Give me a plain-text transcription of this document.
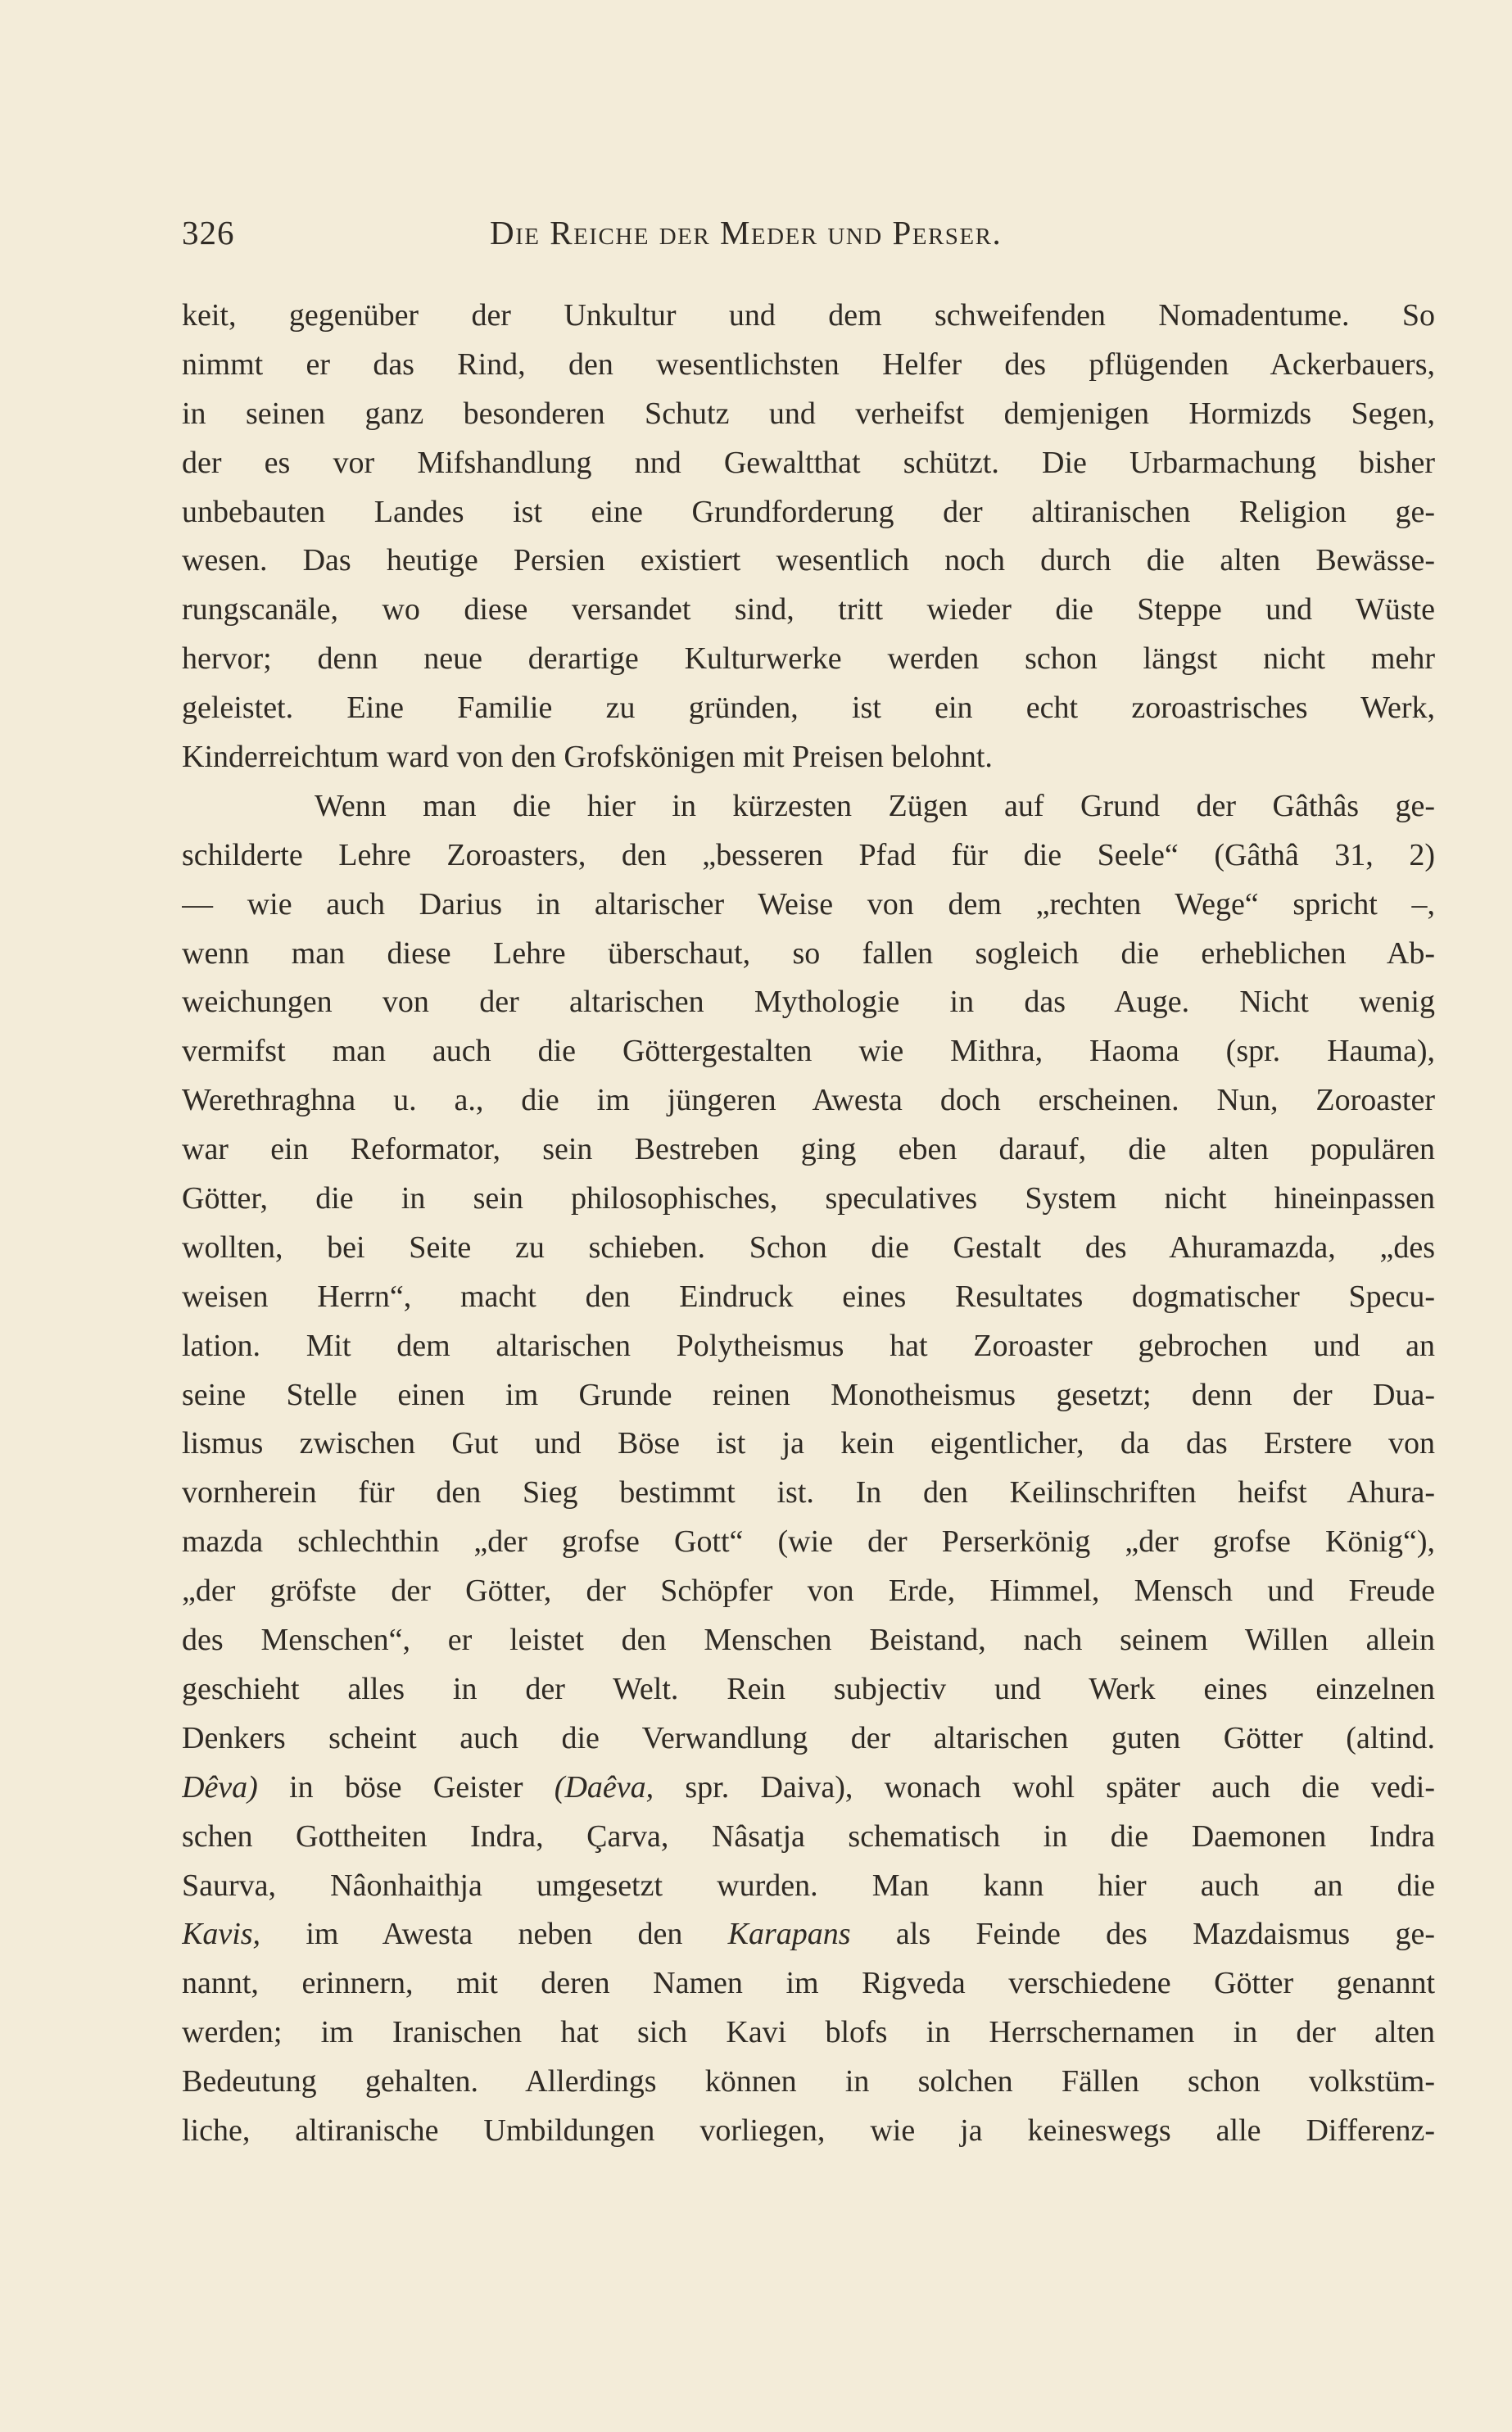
326	Die Reiche der Meder und Perser.
keit, gegenüber der Unkultur und dem schweifenden Nomadentume. So
nimmt er das Rind, den wesentlichsten Helfer des pflügenden Ackerbauers,
in seinen ganz besonderen Schutz und verheifst demjenigen Hormizds Segen,
der es vor Mifshandlung nnd Gewaltthat schützt. Die Urbarmachung bisher
unbebauten Landes ist eine Grundforderung der altiranischen Religion ge-
wesen. Das heutige Persien existiert wesentlich noch durch die alten Bewässe-
rungscanäle, wo diese versandet sind, tritt wieder die Steppe und Wüste
hervor; denn neue derartige Kulturwerke werden schon längst nicht mehr
geleistet. Eine Familie zu gründen, ist ein echt zoroastrisches Werk,
Kinderreichtum ward von den Grofskönigen mit Preisen belohnt.
Wenn man die hier in kürzesten Zügen auf Grund der Gâthâs ge-
schilderte Lehre Zoroasters, den „besseren Pfad für die Seele“ (Gâthâ 31, 2)
— wie auch Darius in altarischer Weise von dem „rechten Wege“ spricht –,
wenn man diese Lehre überschaut, so fallen sogleich die erheblichen Ab-
weichungen von der altarischen Mythologie in das Auge. Nicht wenig
vermifst man auch die Göttergestalten wie Mithra, Haoma (spr. Hauma),
Werethraghna u. a., die im jüngeren Awesta doch erscheinen. Nun, Zoroaster
war ein Reformator, sein Bestreben ging eben darauf, die alten populären
Götter, die in sein philosophisches, speculatives System nicht hineinpassen
wollten, bei Seite zu schieben. Schon die Gestalt des Ahuramazda, „des
weisen Herrn“, macht den Eindruck eines Resultates dogmatischer Specu-
lation. Mit dem altarischen Polytheismus hat Zoroaster gebrochen und an
seine Stelle einen im Grunde reinen Monotheismus gesetzt; denn der Dua-
lismus zwischen Gut und Böse ist ja kein eigentlicher, da das Erstere von
vornherein für den Sieg bestimmt ist. In den Keilinschriften heifst Ahura-
mazda schlechthin „der grofse Gott“ (wie der Perserkönig „der grofse König“),
„der gröfste der Götter, der Schöpfer von Erde, Himmel, Mensch und Freude
des Menschen“, er leistet den Menschen Beistand, nach seinem Willen allein
geschieht alles in der Welt. Rein subjectiv und Werk eines einzelnen
Denkers scheint auch die Verwandlung der altarischen guten Götter (altind.
Dêva) in böse Geister (Daêva, spr. Daiva), wonach wohl später auch die vedi-
schen Gottheiten Indra, Çarva, Nâsatja schematisch in die Daemonen Indra
Saurva, Nâonhaithja umgesetzt wurden. Man kann hier auch an die
Kavis, im Awesta neben den Karapans als Feinde des Mazdaismus ge-
nannt, erinnern, mit deren Namen im Rigveda verschiedene Götter genannt
werden; im Iranischen hat sich Kavi blofs in Herrschernamen in der alten
Bedeutung gehalten. Allerdings können in solchen Fällen schon volkstüm-
liche, altiranische Umbildungen vorliegen, wie ja keineswegs alle Differenz-
